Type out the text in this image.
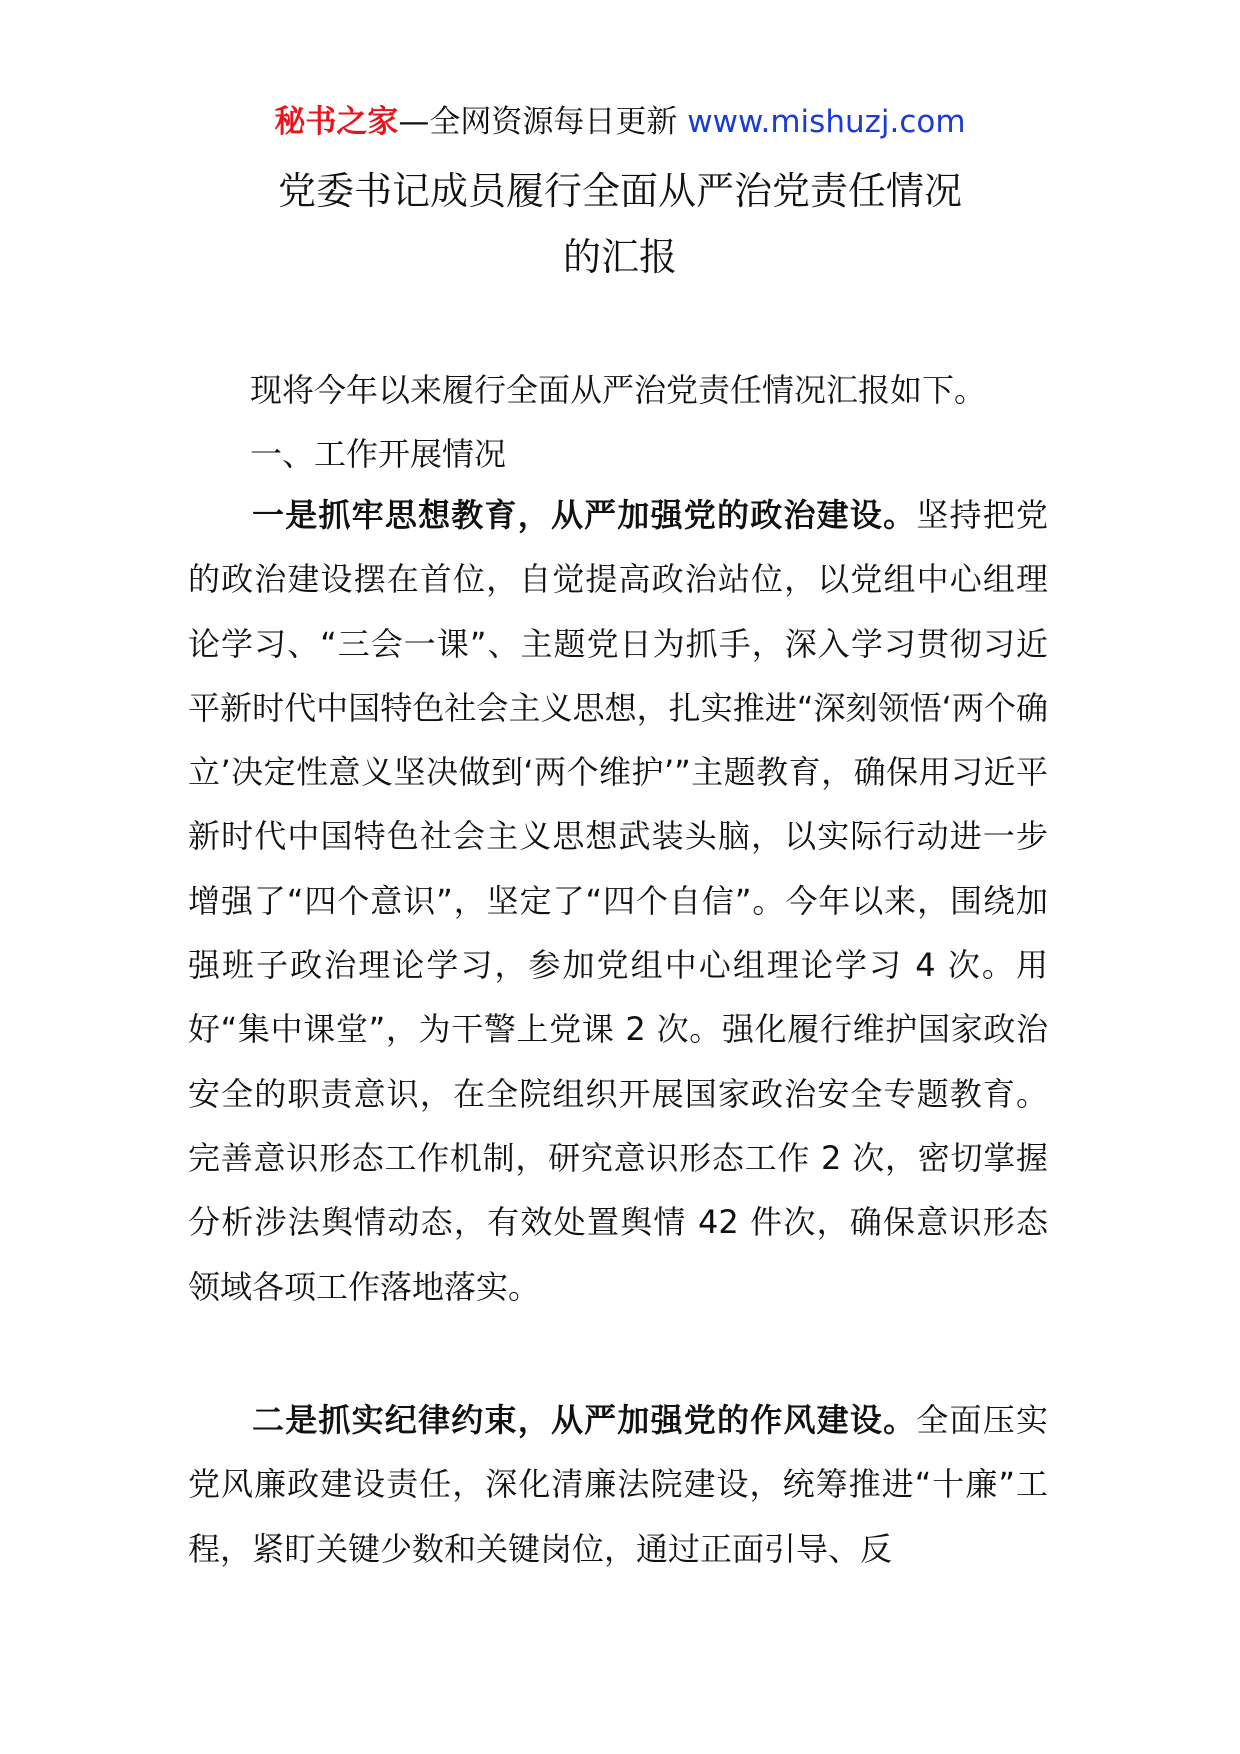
秘书之家—全网资源每日更新 www.mishuzj.com
党委书记成员履行全面从严治党责任情况
的汇报
现将今年以来履行全面从严治党责任情况汇报如下。
一、工作开展情况

一是抓牢思想教育，从严加强党的政治建设。坚持把党的政治建设摆在首位，自觉提高政治站位，以党组中心组理论学习、“三会一课”、主题党日为抓手，深入学习贯彻习近平新时代中国特色社会主义思想，扎实推进“深刻领悟‘两个确立’决定性意义坚决做到‘两个维护’”主题教育，确保用习近平新时代中国特色社会主义思想武装头脑，以实际行动进一步增强了“四个意识”，坚定了“四个自信”。今年以来，围绕加强班子政治理论学习，参加党组中心组理论学习 4 次。用好“集中课堂”，为干警上党课 2 次。强化履行维护国家政治安全的职责意识，在全院组织开展国家政治安全专题教育。完善意识形态工作机制，研究意识形态工作 2 次，密切掌握分析涉法舆情动态，有效处置舆情 42 件次，确保意识形态领域各项工作落地落实。

二是抓实纪律约束，从严加强党的作风建设。全面压实党风廉政建设责任，深化清廉法院建设，统筹推进“十廉”工程，紧盯关键少数和关键岗位，通过正面引导、反
